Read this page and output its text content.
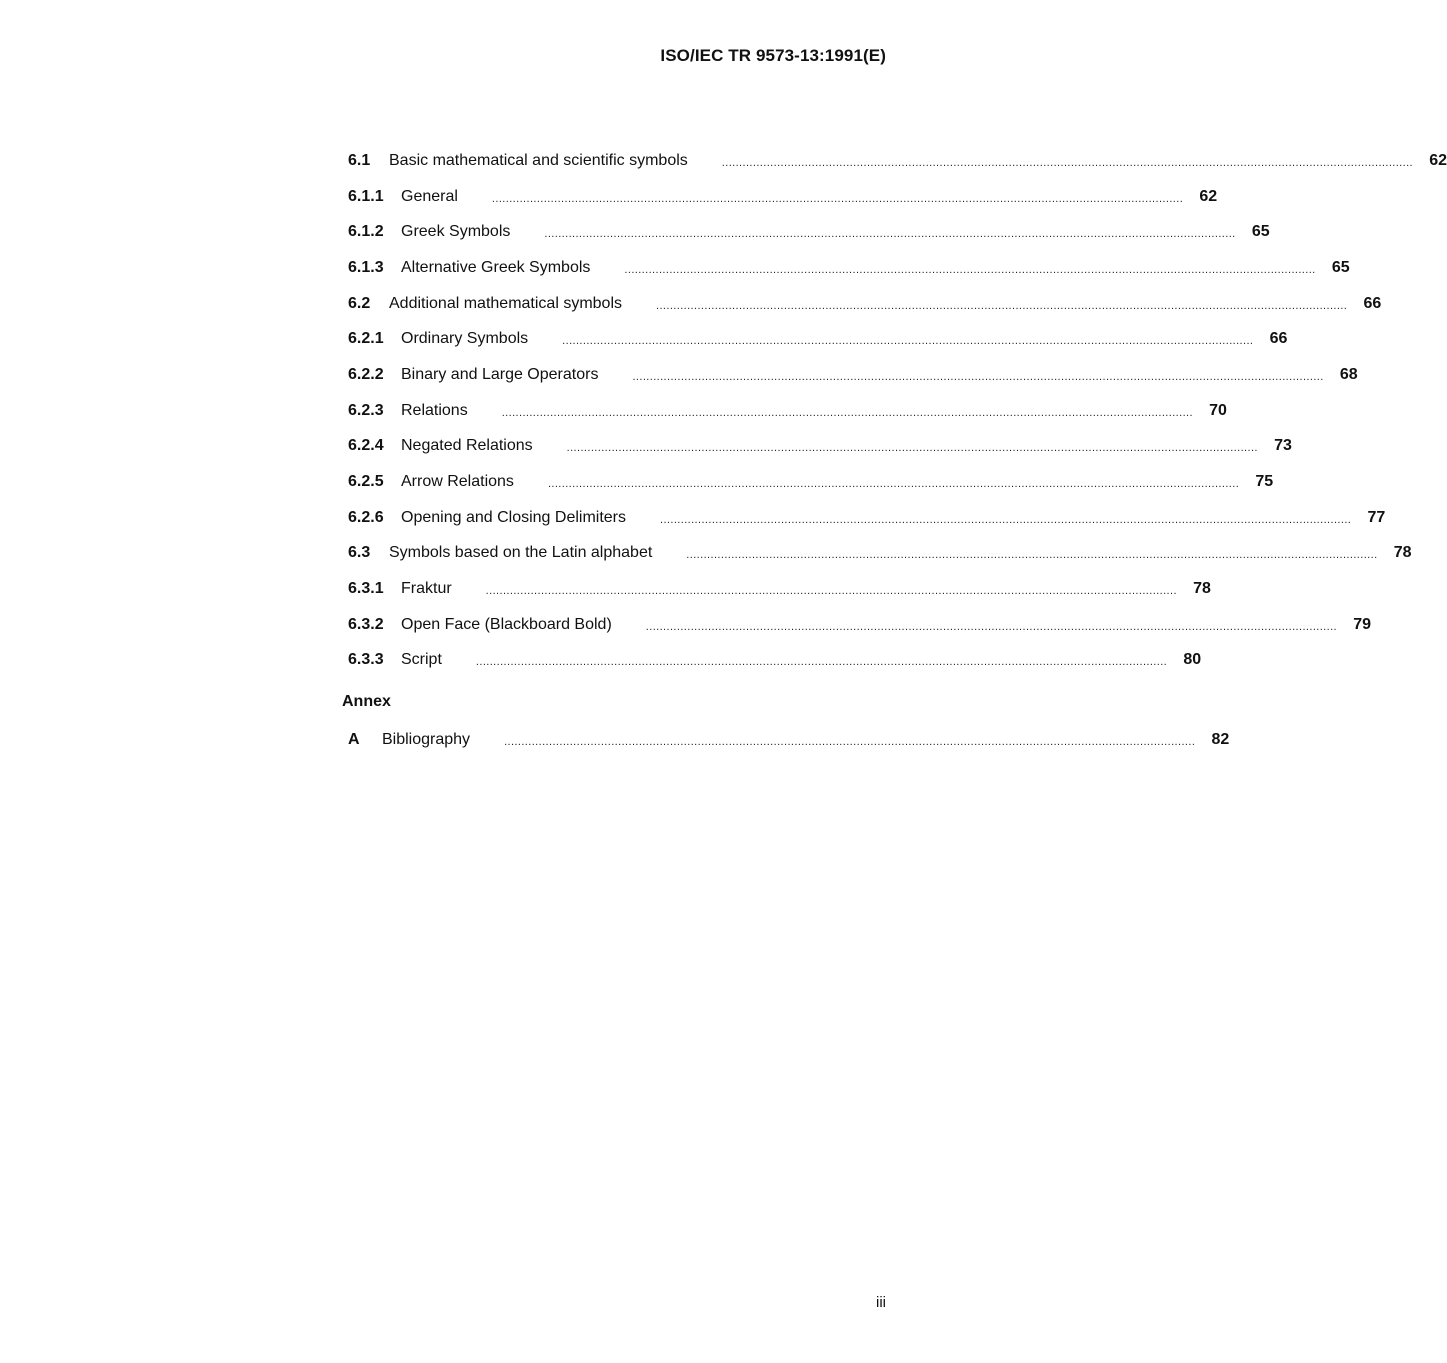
ISO/IEC TR 9573-13:1991(E)
6.1	Basic mathematical and scientific symbols	........................................................................................................................................................................................................	62
6.1.1	General	........................................................................................................................................................................................................	62
6.1.2	Greek Symbols	........................................................................................................................................................................................................	65
6.1.3	Alternative Greek Symbols	........................................................................................................................................................................................................	65
6.2	Additional mathematical symbols	........................................................................................................................................................................................................	66
6.2.1	Ordinary Symbols	........................................................................................................................................................................................................	66
6.2.2	Binary and Large Operators	........................................................................................................................................................................................................	68
6.2.3	Relations	........................................................................................................................................................................................................	70
6.2.4	Negated Relations	........................................................................................................................................................................................................	73
6.2.5	Arrow Relations	........................................................................................................................................................................................................	75
6.2.6	Opening and Closing Delimiters	........................................................................................................................................................................................................	77
6.3	Symbols based on the Latin alphabet	........................................................................................................................................................................................................	78
6.3.1	Fraktur	........................................................................................................................................................................................................	78
6.3.2	Open Face (Blackboard Bold)	........................................................................................................................................................................................................	79
6.3.3	Script	........................................................................................................................................................................................................	80
Annex
A	Bibliography	........................................................................................................................................................................................................	82
iii
